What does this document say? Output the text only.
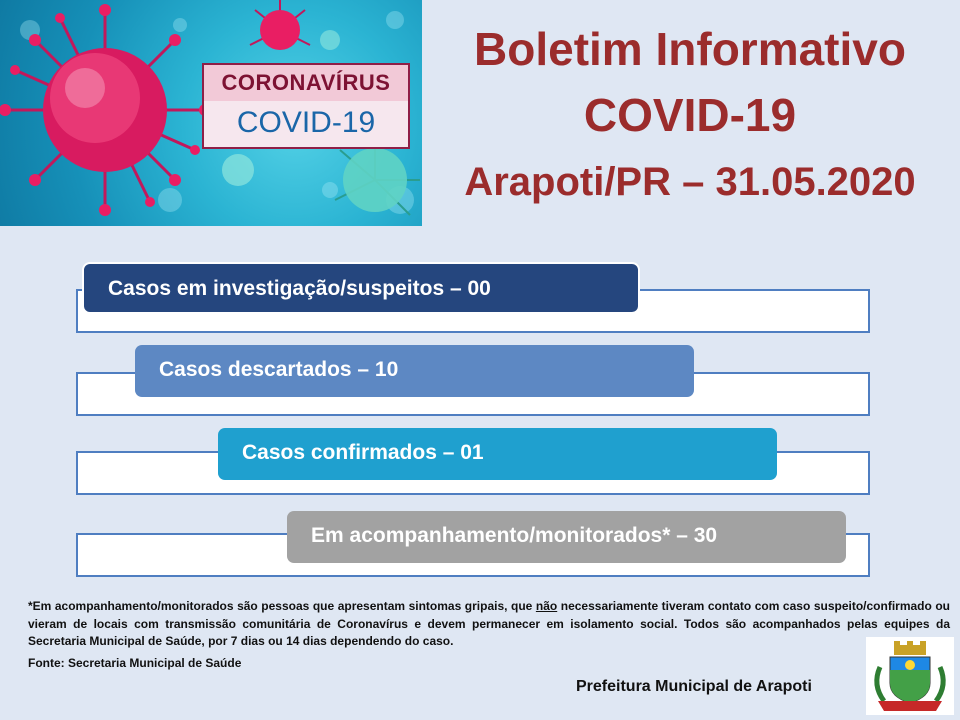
CORONAVÍRUS
COVID-19
Boletim Informativo
COVID-19
Arapoti/PR – 31.05.2020
Casos em investigação/suspeitos – 00
Casos descartados – 10
Casos confirmados – 01
Em acompanhamento/monitorados* – 30
*Em acompanhamento/monitorados são pessoas que apresentam sintomas gripais, que não necessariamente tiveram contato com caso suspeito/confirmado ou vieram de locais com transmissão comunitária de Coronavírus e devem permanecer em isolamento social. Todos são acompanhados pelas equipes da Secretaria Municipal de Saúde, por 7 dias ou 14 dias dependendo do caso.
Fonte: Secretaria Municipal de Saúde
Prefeitura Municipal de Arapoti
